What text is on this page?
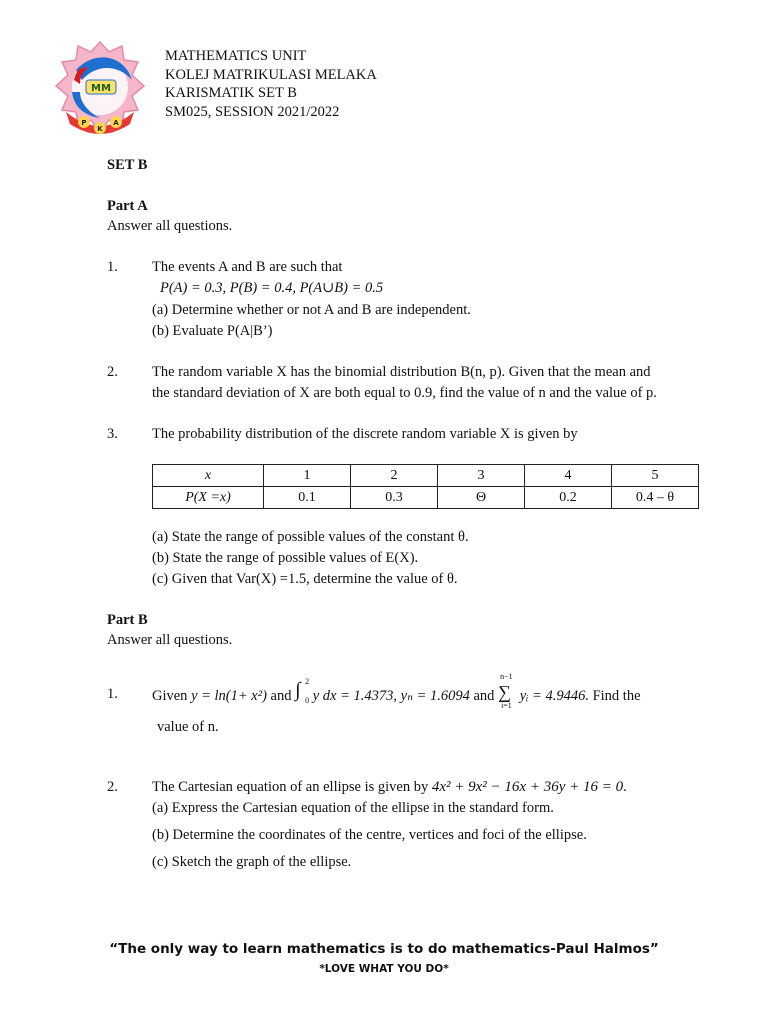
MM
P
K
A
MATHEMATICS UNIT
KOLEJ MATRIKULASI MELAKA
KARISMATIK SET B
SM025, SESSION 2021/2022
SET B
Part A
Answer all questions.
1. The events A and B are such that
P(A) = 0.3, P(B) = 0.4, P(A∪B) = 0.5
(a) Determine whether or not A and B are independent.
(b) Evaluate P(A|B’)
2. The random variable X has the binomial distribution B(n, p). Given that the mean and
the standard deviation of X are both equal to 0.9, find the value of n and the value of p.
3. The probability distribution of the discrete random variable X is given by
x	1	2	3	4	5
P(X =x)	0.1	0.3	Θ	0.2	0.4 – θ
(a) State the range of possible values of the constant θ.
(b) State the range of possible values of E(X).
(c) Given that Var(X) =1.5, determine the value of θ.
Part B
Answer all questions.
1. Given y = ln(1+ x²) and ∫ 2
0 y dx = 1.4373, yₙ = 1.6094 and ∑
n−1
i=1
yᵢ = 4.9446. Find the
value of n.
2. The Cartesian equation of an ellipse is given by 4x² + 9x² − 16x + 36y + 16 = 0.
(a) Express the Cartesian equation of the ellipse in the standard form.
(b) Determine the coordinates of the centre, vertices and foci of the ellipse.
(c) Sketch the graph of the ellipse.
“The only way to learn mathematics is to do mathematics-Paul Halmos”
*LOVE WHAT YOU DO*
